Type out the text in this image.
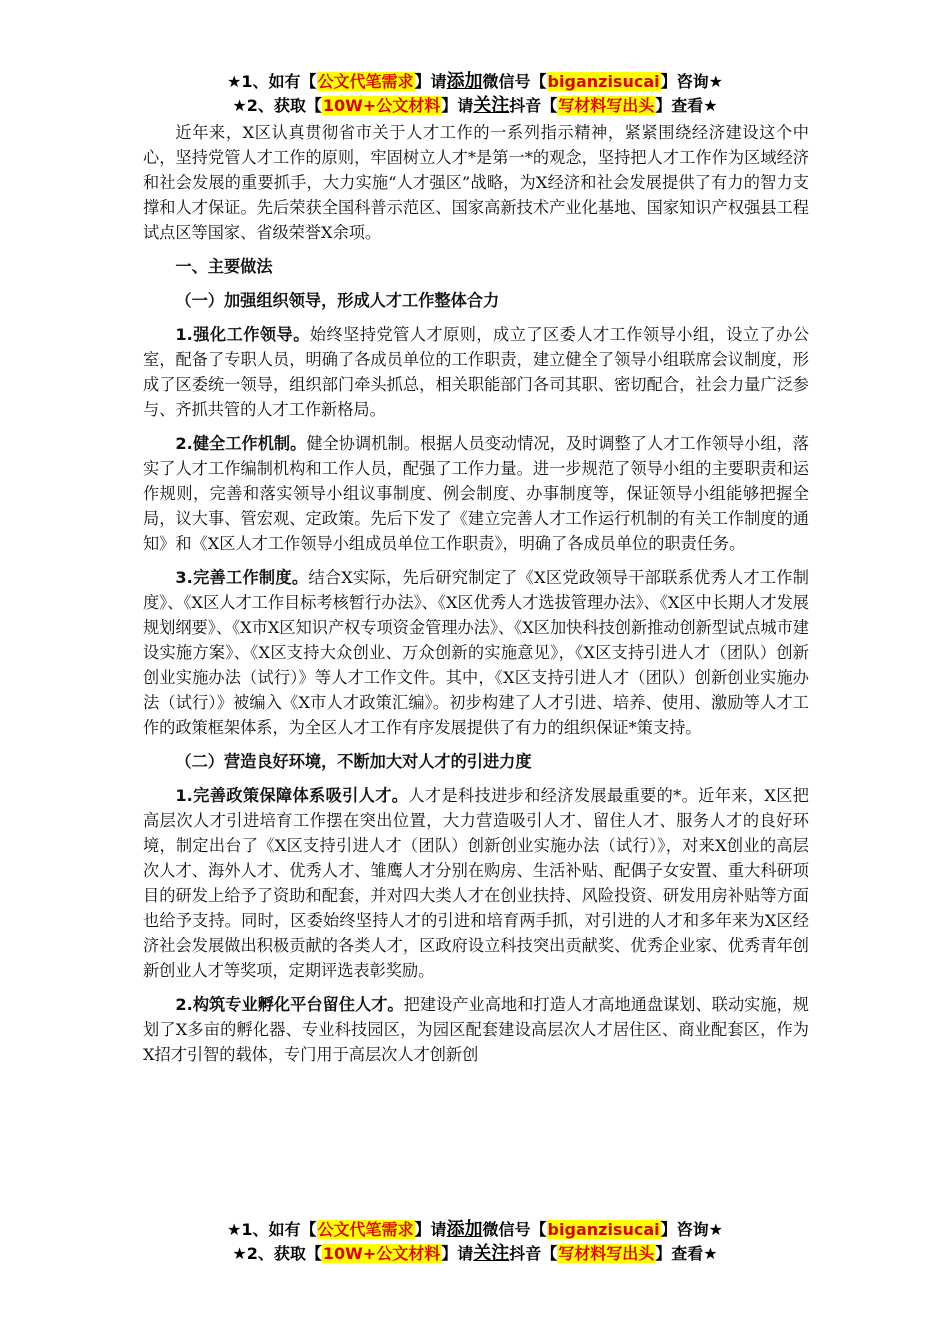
★1、如有【公文代笔需求】请添加微信号【biganzisucai】咨询★
★2、获取【10W+公文材料】请关注抖音【写材料写出头】查看★

近年来，X区认真贯彻省市关于人才工作的一系列指示精神，紧紧围绕经济建设这个中心，坚持党管人才工作的原则，牢固树立人才*是第一*的观念，坚持把人才工作作为区域经济和社会发展的重要抓手，大力实施“人才强区”战略，为X经济和社会发展提供了有力的智力支撑和人才保证。先后荣获全国科普示范区、国家高新技术产业化基地、国家知识产权强县工程试点区等国家、省级荣誉X余项。

一、主要做法

（一）加强组织领导，形成人才工作整体合力

1.强化工作领导。始终坚持党管人才原则，成立了区委人才工作领导小组，设立了办公室，配备了专职人员，明确了各成员单位的工作职责，建立健全了领导小组联席会议制度，形成了区委统一领导，组织部门牵头抓总，相关职能部门各司其职、密切配合，社会力量广泛参与、齐抓共管的人才工作新格局。

2.健全工作机制。健全协调机制。根据人员变动情况，及时调整了人才工作领导小组，落实了人才工作编制机构和工作人员，配强了工作力量。进一步规范了领导小组的主要职责和运作规则，完善和落实领导小组议事制度、例会制度、办事制度等，保证领导小组能够把握全局，议大事、管宏观、定政策。先后下发了《建立完善人才工作运行机制的有关工作制度的通知》和《X区人才工作领导小组成员单位工作职责》，明确了各成员单位的职责任务。

3.完善工作制度。结合X实际，先后研究制定了《X区党政领导干部联系优秀人才工作制度》、《X区人才工作目标考核暂行办法》、《X区优秀人才选拔管理办法》、《X区中长期人才发展规划纲要》、《X市X区知识产权专项资金管理办法》、《X区加快科技创新推动创新型试点城市建设实施方案》、《X区支持大众创业、万众创新的实施意见》，《X区支持引进人才（团队）创新创业实施办法（试行）》等人才工作文件。其中，《X区支持引进人才（团队）创新创业实施办法（试行）》被编入《X市人才政策汇编》。初步构建了人才引进、培养、使用、激励等人才工作的政策框架体系，为全区人才工作有序发展提供了有力的组织保证*策支持。

（二）营造良好环境，不断加大对人才的引进力度

1.完善政策保障体系吸引人才。人才是科技进步和经济发展最重要的*。近年来，X区把高层次人才引进培育工作摆在突出位置，大力营造吸引人才、留住人才、服务人才的良好环境，制定出台了《X区支持引进人才（团队）创新创业实施办法（试行）》，对来X创业的高层次人才、海外人才、优秀人才、雏鹰人才分别在购房、生活补贴、配偶子女安置、重大科研项目的研发上给予了资助和配套，并对四大类人才在创业扶持、风险投资、研发用房补贴等方面也给予支持。同时，区委始终坚持人才的引进和培育两手抓，对引进的人才和多年来为X区经济社会发展做出积极贡献的各类人才，区政府设立科技突出贡献奖、优秀企业家、优秀青年创新创业人才等奖项，定期评选表彰奖励。

2.构筑专业孵化平台留住人才。把建设产业高地和打造人才高地通盘谋划、联动实施，规划了X多亩的孵化器、专业科技园区，为园区配套建设高层次人才居住区、商业配套区，作为X招才引智的载体，专门用于高层次人才创新创

★1、如有【公文代笔需求】请添加微信号【biganzisucai】咨询★
★2、获取【10W+公文材料】请关注抖音【写材料写出头】查看★
